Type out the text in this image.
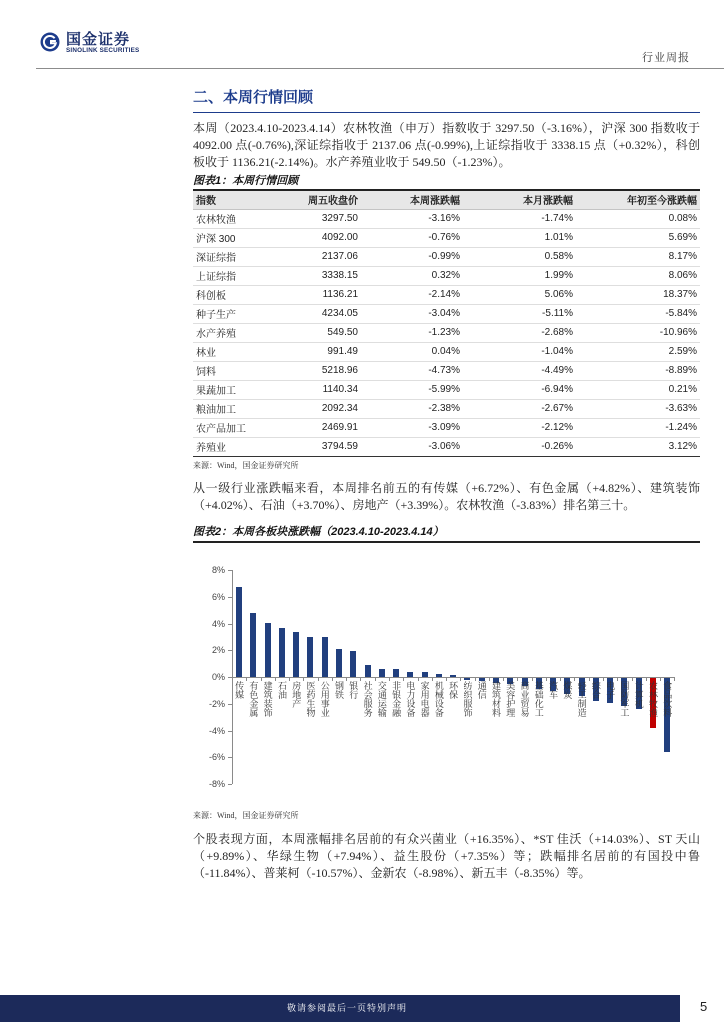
国金证券
SINOLINK SECURITIES
行业周报
二、本周行情回顾

本周（2023.4.10-2023.4.14）农林牧渔（申万）指数收于 3297.50（-3.16%），沪深 300 指数收于 4092.00 点(-0.76%),深证综指收于 2137.06 点(-0.99%),上证综指收于 3338.15 点（+0.32%），科创板收于 1136.21(-2.14%)。水产养殖业收于 549.50（-1.23%）。

图表1：本周行情回顾
指数	周五收盘价	本周涨跌幅	本月涨跌幅	年初至今涨跌幅
农林牧渔	3297.50	-3.16%	-1.74%	0.08%
沪深 300	4092.00	-0.76%	1.01%	5.69%
深证综指	2137.06	-0.99%	0.58%	8.17%
上证综指	3338.15	0.32%	1.99%	8.06%
科创板	1136.21	-2.14%	5.06%	18.37%
种子生产	4234.05	-3.04%	-5.11%	-5.84%
水产养殖	549.50	-1.23%	-2.68%	-10.96%
林业	991.49	0.04%	-1.04%	2.59%
饲料	5218.96	-4.73%	-4.49%	-8.89%
果蔬加工	1140.34	-5.99%	-6.94%	0.21%
粮油加工	2092.34	-2.38%	-2.67%	-3.63%
农产品加工	2469.91	-3.09%	-2.12%	-1.24%
养殖业	3794.59	-3.06%	-0.26%	3.12%
来源：Wind，国金证券研究所

从一级行业涨跌幅来看，本周排名前五的有传媒（+6.72%）、有色金属（+4.82%）、建筑装饰（+4.02%）、石油（+3.70%）、房地产（+3.39%）。农林牧渔（-3.83%）排名第三十。

图表2：本周各板块涨跌幅（2023.4.10-2023.4.14）
8%
6%
4%
2%
0%
-2%
-4%
-6%
-8%
传媒 有色金属 建筑装饰 石油 房地产 医药生物 公用事业 钢铁 银行 社会服务 交通运输 非银金融 电力设备 家用电器 机械设备 环保 纺织服饰 通信 建筑材料 美容护理 商业贸易 基础化工 汽车 煤炭 轻工制造 综合 电子 国防军工 计算机 农林牧渔 食品饮料
来源：Wind，国金证券研究所

个股表现方面，本周涨幅排名居前的有众兴菌业（+16.35%）、*ST 佳沃（+14.03%）、ST 天山（+9.89%）、华绿生物（+7.94%）、益生股份（+7.35%）等；跌幅排名居前的有国投中鲁（-11.84%）、普莱柯（-10.57%）、金新农（-8.98%）、新五丰（-8.35%）等。

敬请参阅最后一页特别声明	5
